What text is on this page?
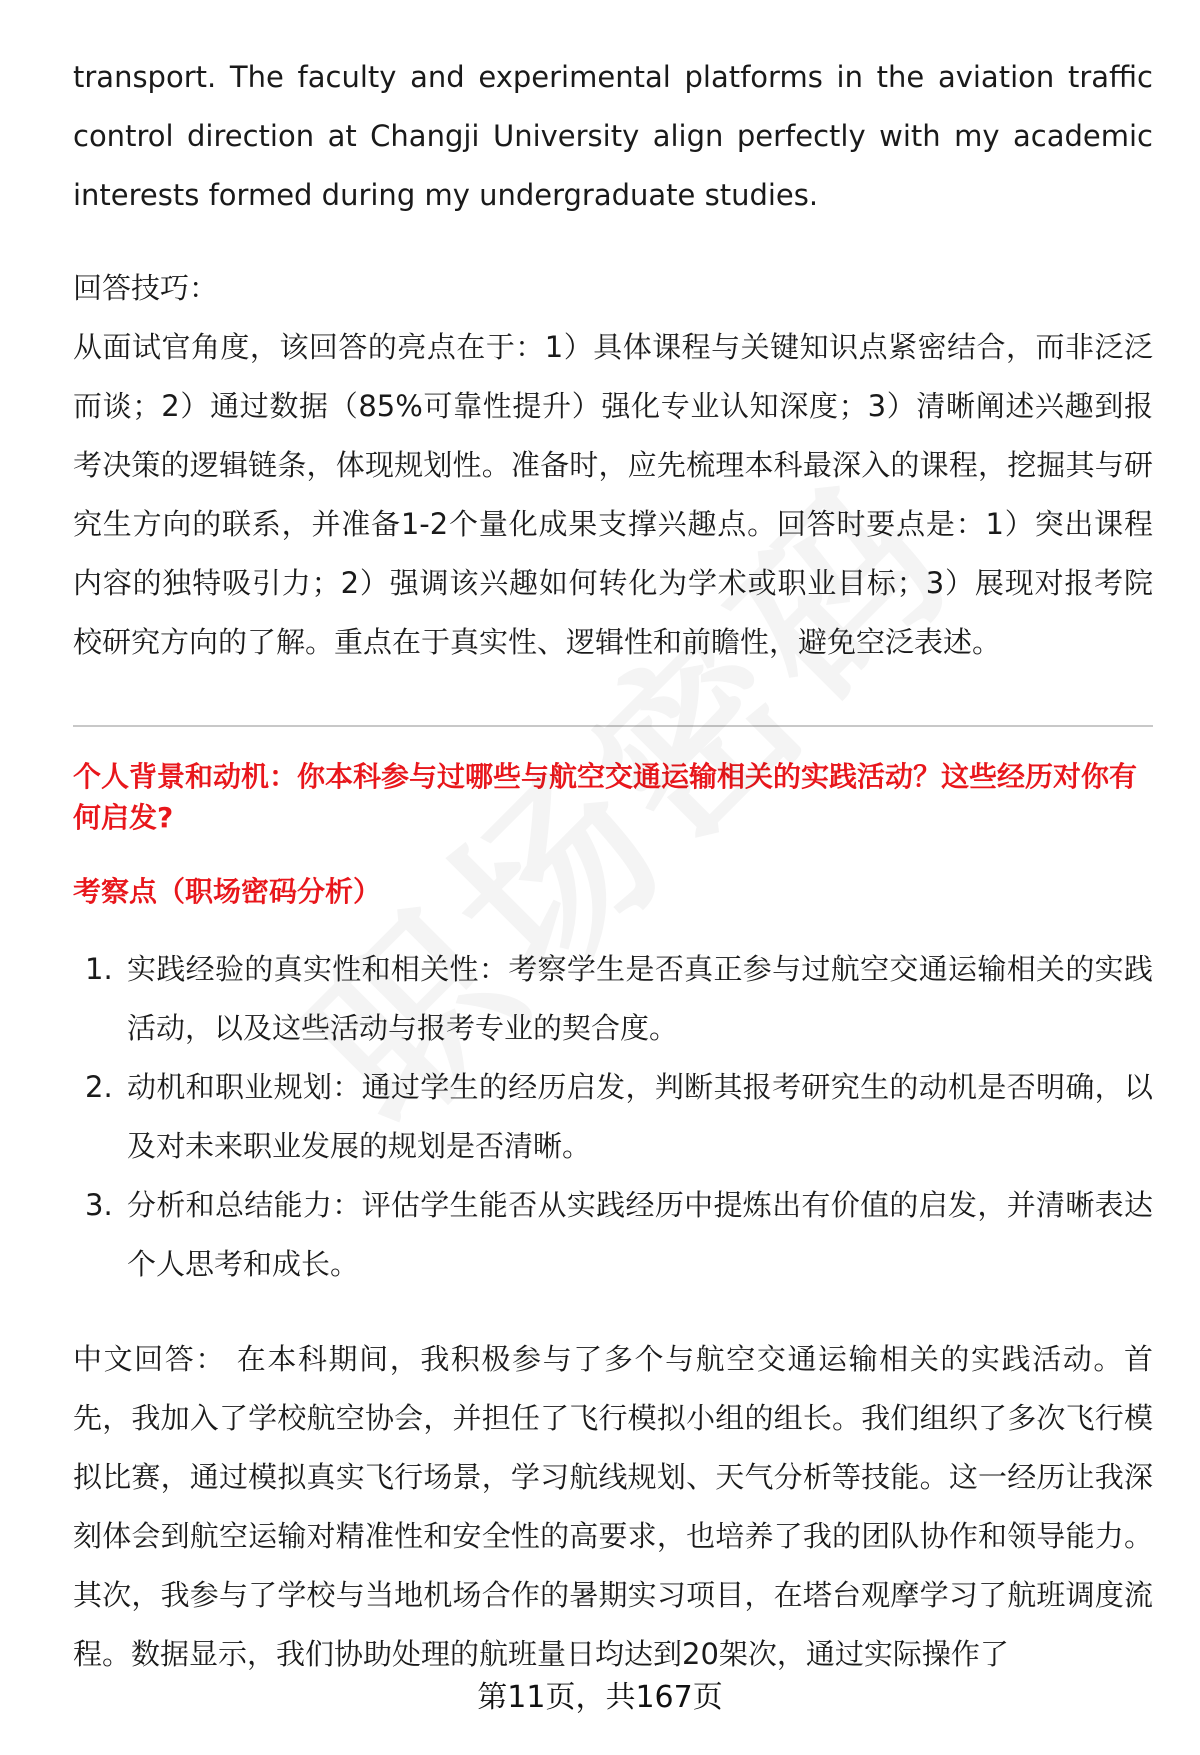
transport. The faculty and experimental platforms in the aviation traffic control direction at Changji University align perfectly with my academic interests formed during my undergraduate studies.

回答技巧：

从面试官角度，该回答的亮点在于：1）具体课程与关键知识点紧密结合，而非泛泛而谈；2）通过数据（85%可靠性提升）强化专业认知深度；3）清晰阐述兴趣到报考决策的逻辑链条，体现规划性。准备时，应先梳理本科最深入的课程，挖掘其与研究生方向的联系，并准备1-2个量化成果支撑兴趣点。回答时要点是：1）突出课程内容的独特吸引力；2）强调该兴趣如何转化为学术或职业目标；3）展现对报考院校研究方向的了解。重点在于真实性、逻辑性和前瞻性，避免空泛表述。

个人背景和动机：你本科参与过哪些与航空交通运输相关的实践活动？这些经历对你有何启发?

考察点（职场密码分析）

1. 实践经验的真实性和相关性：考察学生是否真正参与过航空交通运输相关的实践活动，以及这些活动与报考专业的契合度。
2. 动机和职业规划：通过学生的经历启发，判断其报考研究生的动机是否明确，以及对未来职业发展的规划是否清晰。
3. 分析和总结能力：评估学生能否从实践经历中提炼出有价值的启发，并清晰表达个人思考和成长。

中文回答： 在本科期间，我积极参与了多个与航空交通运输相关的实践活动。首先，我加入了学校航空协会，并担任了飞行模拟小组的组长。我们组织了多次飞行模拟比赛，通过模拟真实飞行场景，学习航线规划、天气分析等技能。这一经历让我深刻体会到航空运输对精准性和安全性的高要求，也培养了我的团队协作和领导能力。其次，我参与了学校与当地机场合作的暑期实习项目，在塔台观摩学习了航班调度流程。数据显示，我们协助处理的航班量日均达到20架次，通过实际操作了

第11页，共167页
